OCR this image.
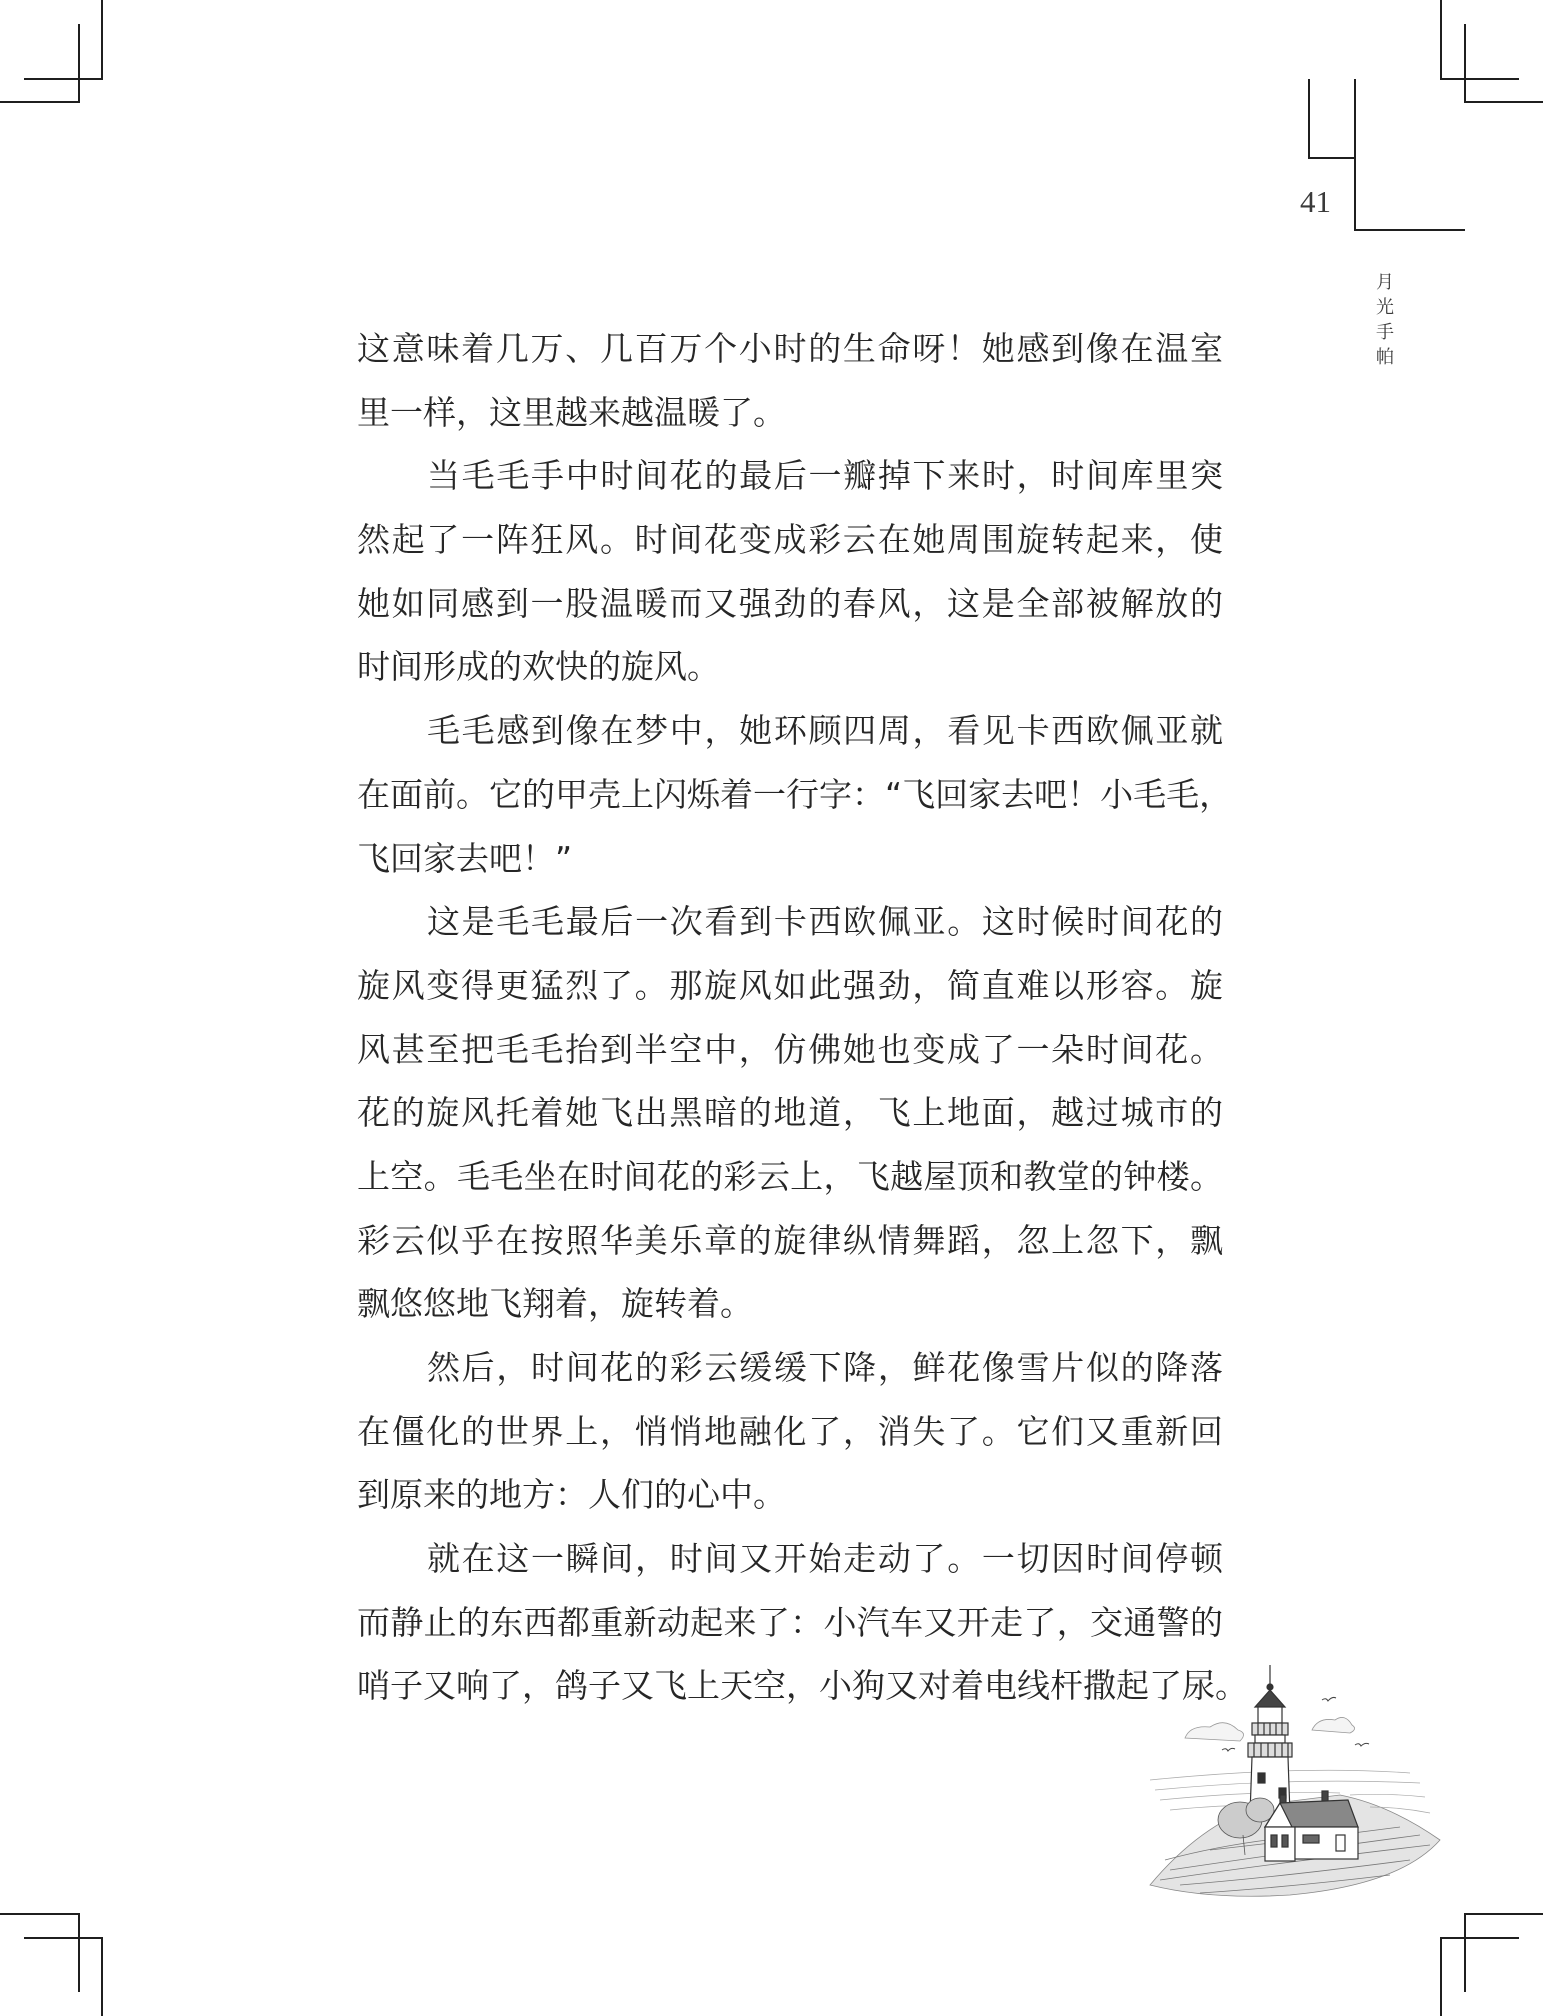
41
月
光
手
帕
这意味着几万、几百万个小时的生命呀！她感到像在温室
里一样，这里越来越温暖了。
当毛毛手中时间花的最后一瓣掉下来时，时间库里突
然起了一阵狂风。时间花变成彩云在她周围旋转起来，使
她如同感到一股温暖而又强劲的春风，这是全部被解放的
时间形成的欢快的旋风。
毛毛感到像在梦中，她环顾四周，看见卡西欧佩亚就
在面前。它的甲壳上闪烁着一行字：“飞回家去吧！小毛毛，
飞回家去吧！”
这是毛毛最后一次看到卡西欧佩亚。这时候时间花的
旋风变得更猛烈了。那旋风如此强劲，简直难以形容。旋
风甚至把毛毛抬到半空中，仿佛她也变成了一朵时间花。
花的旋风托着她飞出黑暗的地道，飞上地面，越过城市的
上空。毛毛坐在时间花的彩云上，飞越屋顶和教堂的钟楼。
彩云似乎在按照华美乐章的旋律纵情舞蹈，忽上忽下，飘
飘悠悠地飞翔着，旋转着。
然后，时间花的彩云缓缓下降，鲜花像雪片似的降落
在僵化的世界上，悄悄地融化了，消失了。它们又重新回
到原来的地方：人们的心中。
就在这一瞬间，时间又开始走动了。一切因时间停顿
而静止的东西都重新动起来了：小汽车又开走了，交通警的
哨子又响了，鸽子又飞上天空，小狗又对着电线杆撒起了尿。
